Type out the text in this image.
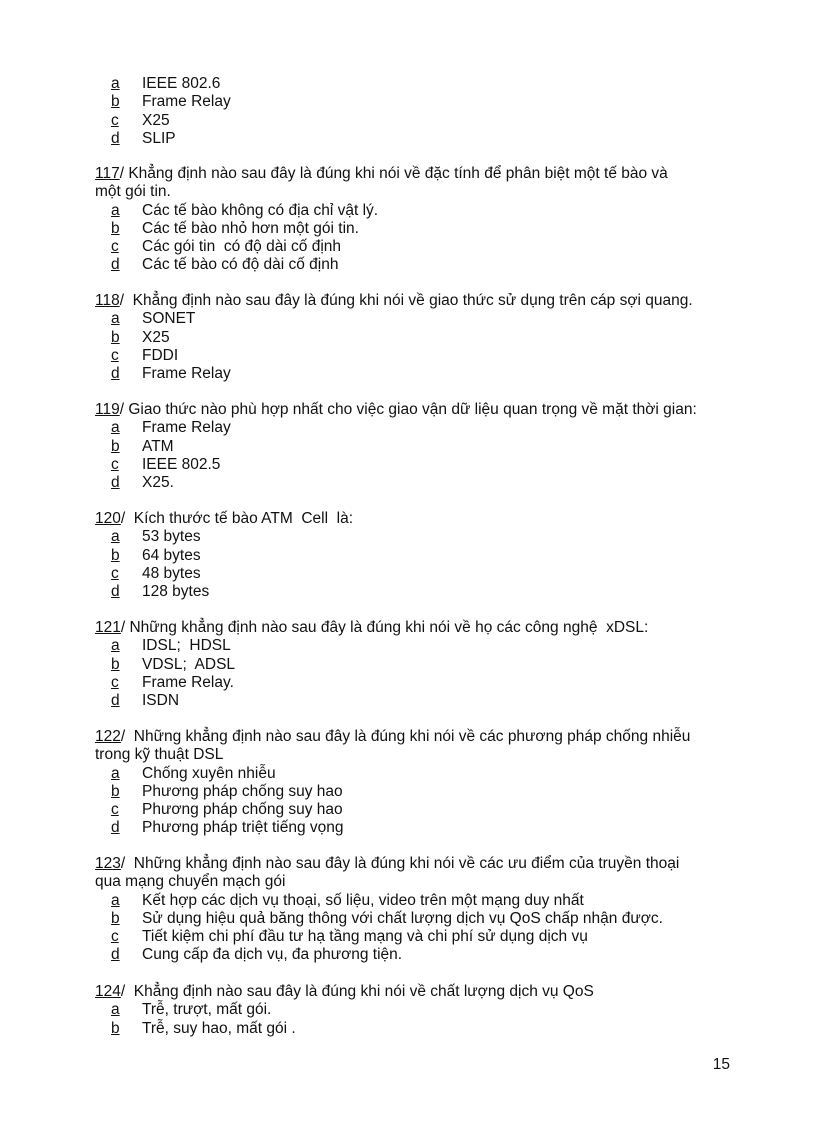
a	IEEE 802.6
b	Frame Relay
c	X25
d	SLIP

117/ Khẳng định nào sau đây là đúng khi nói về đặc tính để phân biệt một tế bào và
một gói tin.

a	Các tế bào không có địa chỉ vật lý.
b	Các tế bào nhỏ hơn một gói tin.
c	Các gói tin  có độ dài cố định
d	Các tế bào có độ dài cố định

118/  Khẳng định nào sau đây là đúng khi nói về giao thức sử dụng trên cáp sợi quang.

a	SONET
b	X25
c	FDDI
d	Frame Relay

119/ Giao thức nào phù hợp nhất cho việc giao vận dữ liệu quan trọng về mặt thời gian:

a	Frame Relay
b	ATM
c	IEEE 802.5
d	X25.

120/  Kích thước tế bào ATM  Cell  là:

a	53 bytes
b	64 bytes
c	48 bytes
d	128 bytes

121/ Những khẳng định nào sau đây là đúng khi nói về họ các công nghệ  xDSL:

a	IDSL;  HDSL
b	VDSL;  ADSL
c	Frame Relay.
d	ISDN

122/  Những khẳng định nào sau đây là đúng khi nói về các phương pháp chống nhiễu
trong kỹ thuật DSL

a	Chống xuyên nhiễu
b	Phương pháp chống suy hao
c	Phương pháp chống suy hao
d	Phương pháp triệt tiếng vọng

123/  Những khẳng định nào sau đây là đúng khi nói về các ưu điểm của truyền thoại
qua mạng chuyển mạch gói

a	Kết hợp các dịch vụ thoại, số liệu, video trên một mạng duy nhất
b	Sử dụng hiệu quả băng thông với chất lượng dịch vụ QoS chấp nhận được.
c	Tiết kiệm chi phí đầu tư hạ tầng mạng và chi phí sử dụng dịch vụ
d	Cung cấp đa dịch vụ, đa phương tiện.

124/  Khẳng định nào sau đây là đúng khi nói về chất lượng dịch vụ QoS

a	Trễ, trượt, mất gói.
b	Trễ, suy hao, mất gói .
15
